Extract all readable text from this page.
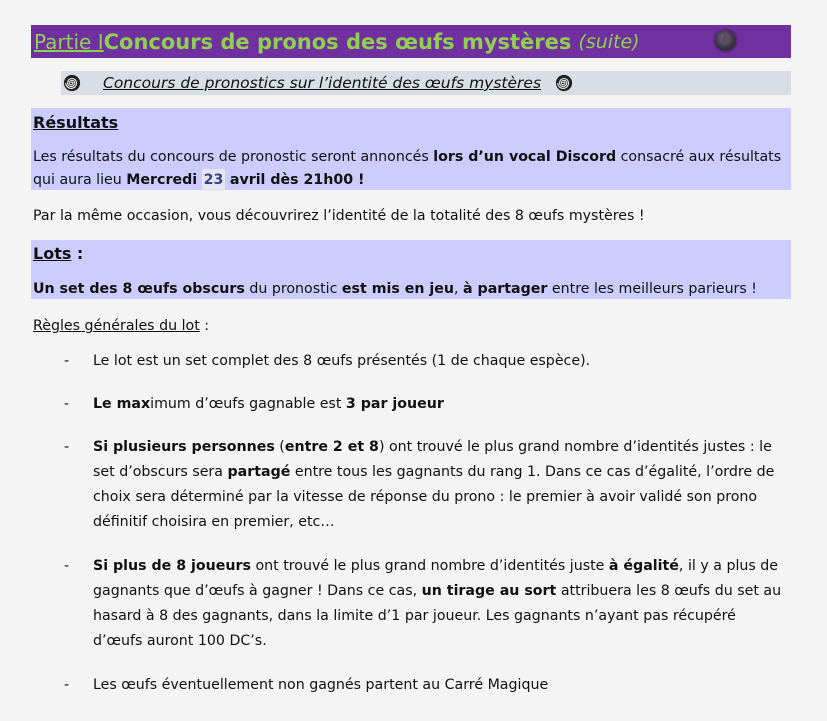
Partie I Concours de pronos des œufs mystères (suite)
Concours de pronostics sur l’identité des œufs mystères
Résultats
Les résultats du concours de pronostic seront annoncés lors d’un vocal Discord consacré aux résultats
qui aura lieu Mercredi 23 avril dès 21h00 !
Par la même occasion, vous découvrirez l’identité de la totalité des 8 œufs mystères !
Lots :
Un set des 8 œufs obscurs du pronostic est mis en jeu, à partager entre les meilleurs parieurs !
Règles générales du lot :
- Le lot est un set complet des 8 œufs présentés (1 de chaque espèce).
- Le maximum d’œufs gagnable est 3 par joueur
- Si plusieurs personnes (entre 2 et 8) ont trouvé le plus grand nombre d’identités justes : le
set d’obscurs sera partagé entre tous les gagnants du rang 1. Dans ce cas d’égalité, l’ordre de
choix sera déterminé par la vitesse de réponse du prono : le premier à avoir validé son prono
définitif choisira en premier, etc…
- Si plus de 8 joueurs ont trouvé le plus grand nombre d’identités juste à égalité, il y a plus de
gagnants que d’œufs à gagner ! Dans ce cas, un tirage au sort attribuera les 8 œufs du set au
hasard à 8 des gagnants, dans la limite d’1 par joueur. Les gagnants n’ayant pas récupéré
d’œufs auront 100 DC’s.
- Les œufs éventuellement non gagnés partent au Carré Magique
